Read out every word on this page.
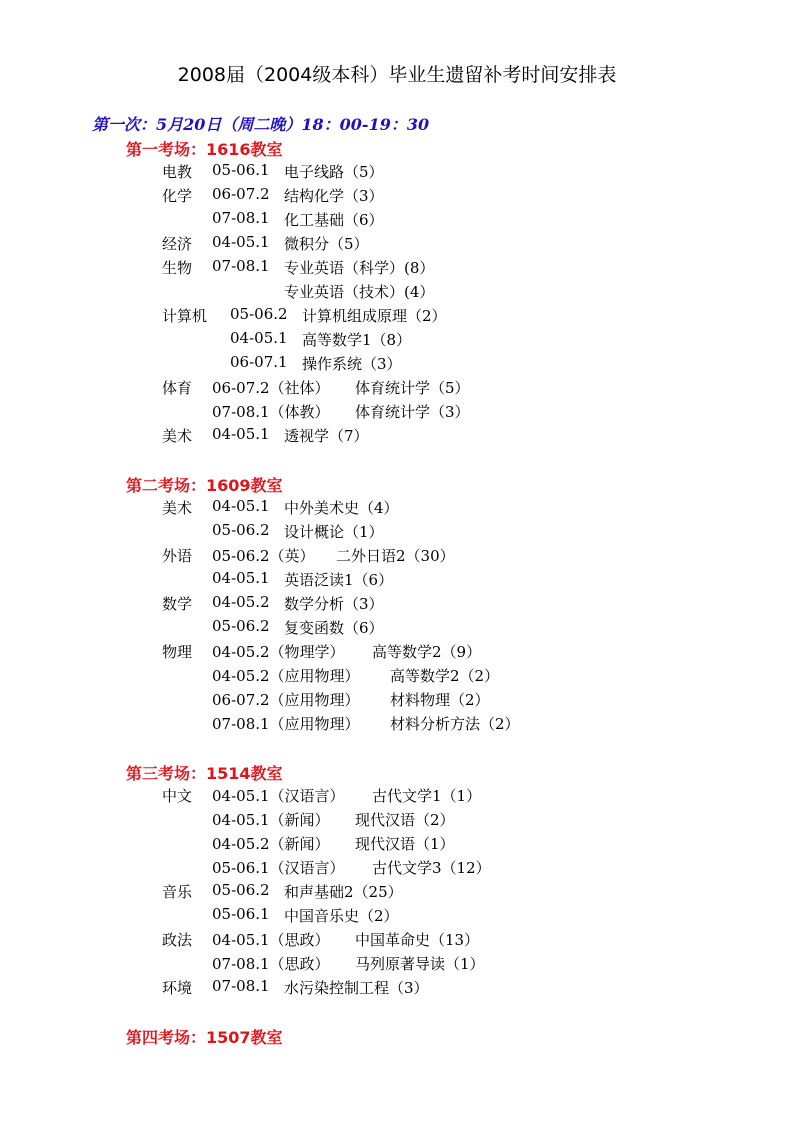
2008届（2004级本科）毕业生遗留补考时间安排表
第一次：5月20日（周二晚）18：00-19：30
第一考场：1616教室
电教 05-06.1 电子线路（5）
化学 06-07.2 结构化学（3）
07-08.1 化工基础（6）
经济 04-05.1 微积分（5）
生物 07-08.1 专业英语（科学）(8）
专业英语（技术）(4）
计算机 05-06.2 计算机组成原理（2）
04-05.1 高等数学1（8）
06-07.1 操作系统（3）
体育 06-07.2（社体） 体育统计学（5）
07-08.1（体教） 体育统计学（3）
美术 04-05.1 透视学（7）
第二考场：1609教室
美术 04-05.1 中外美术史（4）
05-06.2 设计概论（1）
外语 05-06.2（英） 二外日语2（30）
04-05.1 英语泛读1（6）
数学 04-05.2 数学分析（3）
05-06.2 复变函数（6）
物理 04-05.2（物理学） 高等数学2（9）
04-05.2（应用物理） 高等数学2（2）
06-07.2（应用物理） 材料物理（2）
07-08.1（应用物理） 材料分析方法（2）
第三考场：1514教室
中文 04-05.1（汉语言） 古代文学1（1）
04-05.1（新闻） 现代汉语（2）
04-05.2（新闻） 现代汉语（1）
05-06.1（汉语言） 古代文学3（12）
音乐 05-06.2 和声基础2（25）
05-06.1 中国音乐史（2）
政法 04-05.1（思政） 中国革命史（13）
07-08.1（思政） 马列原著导读（1）
环境 07-08.1 水污染控制工程（3）
第四考场：1507教室
